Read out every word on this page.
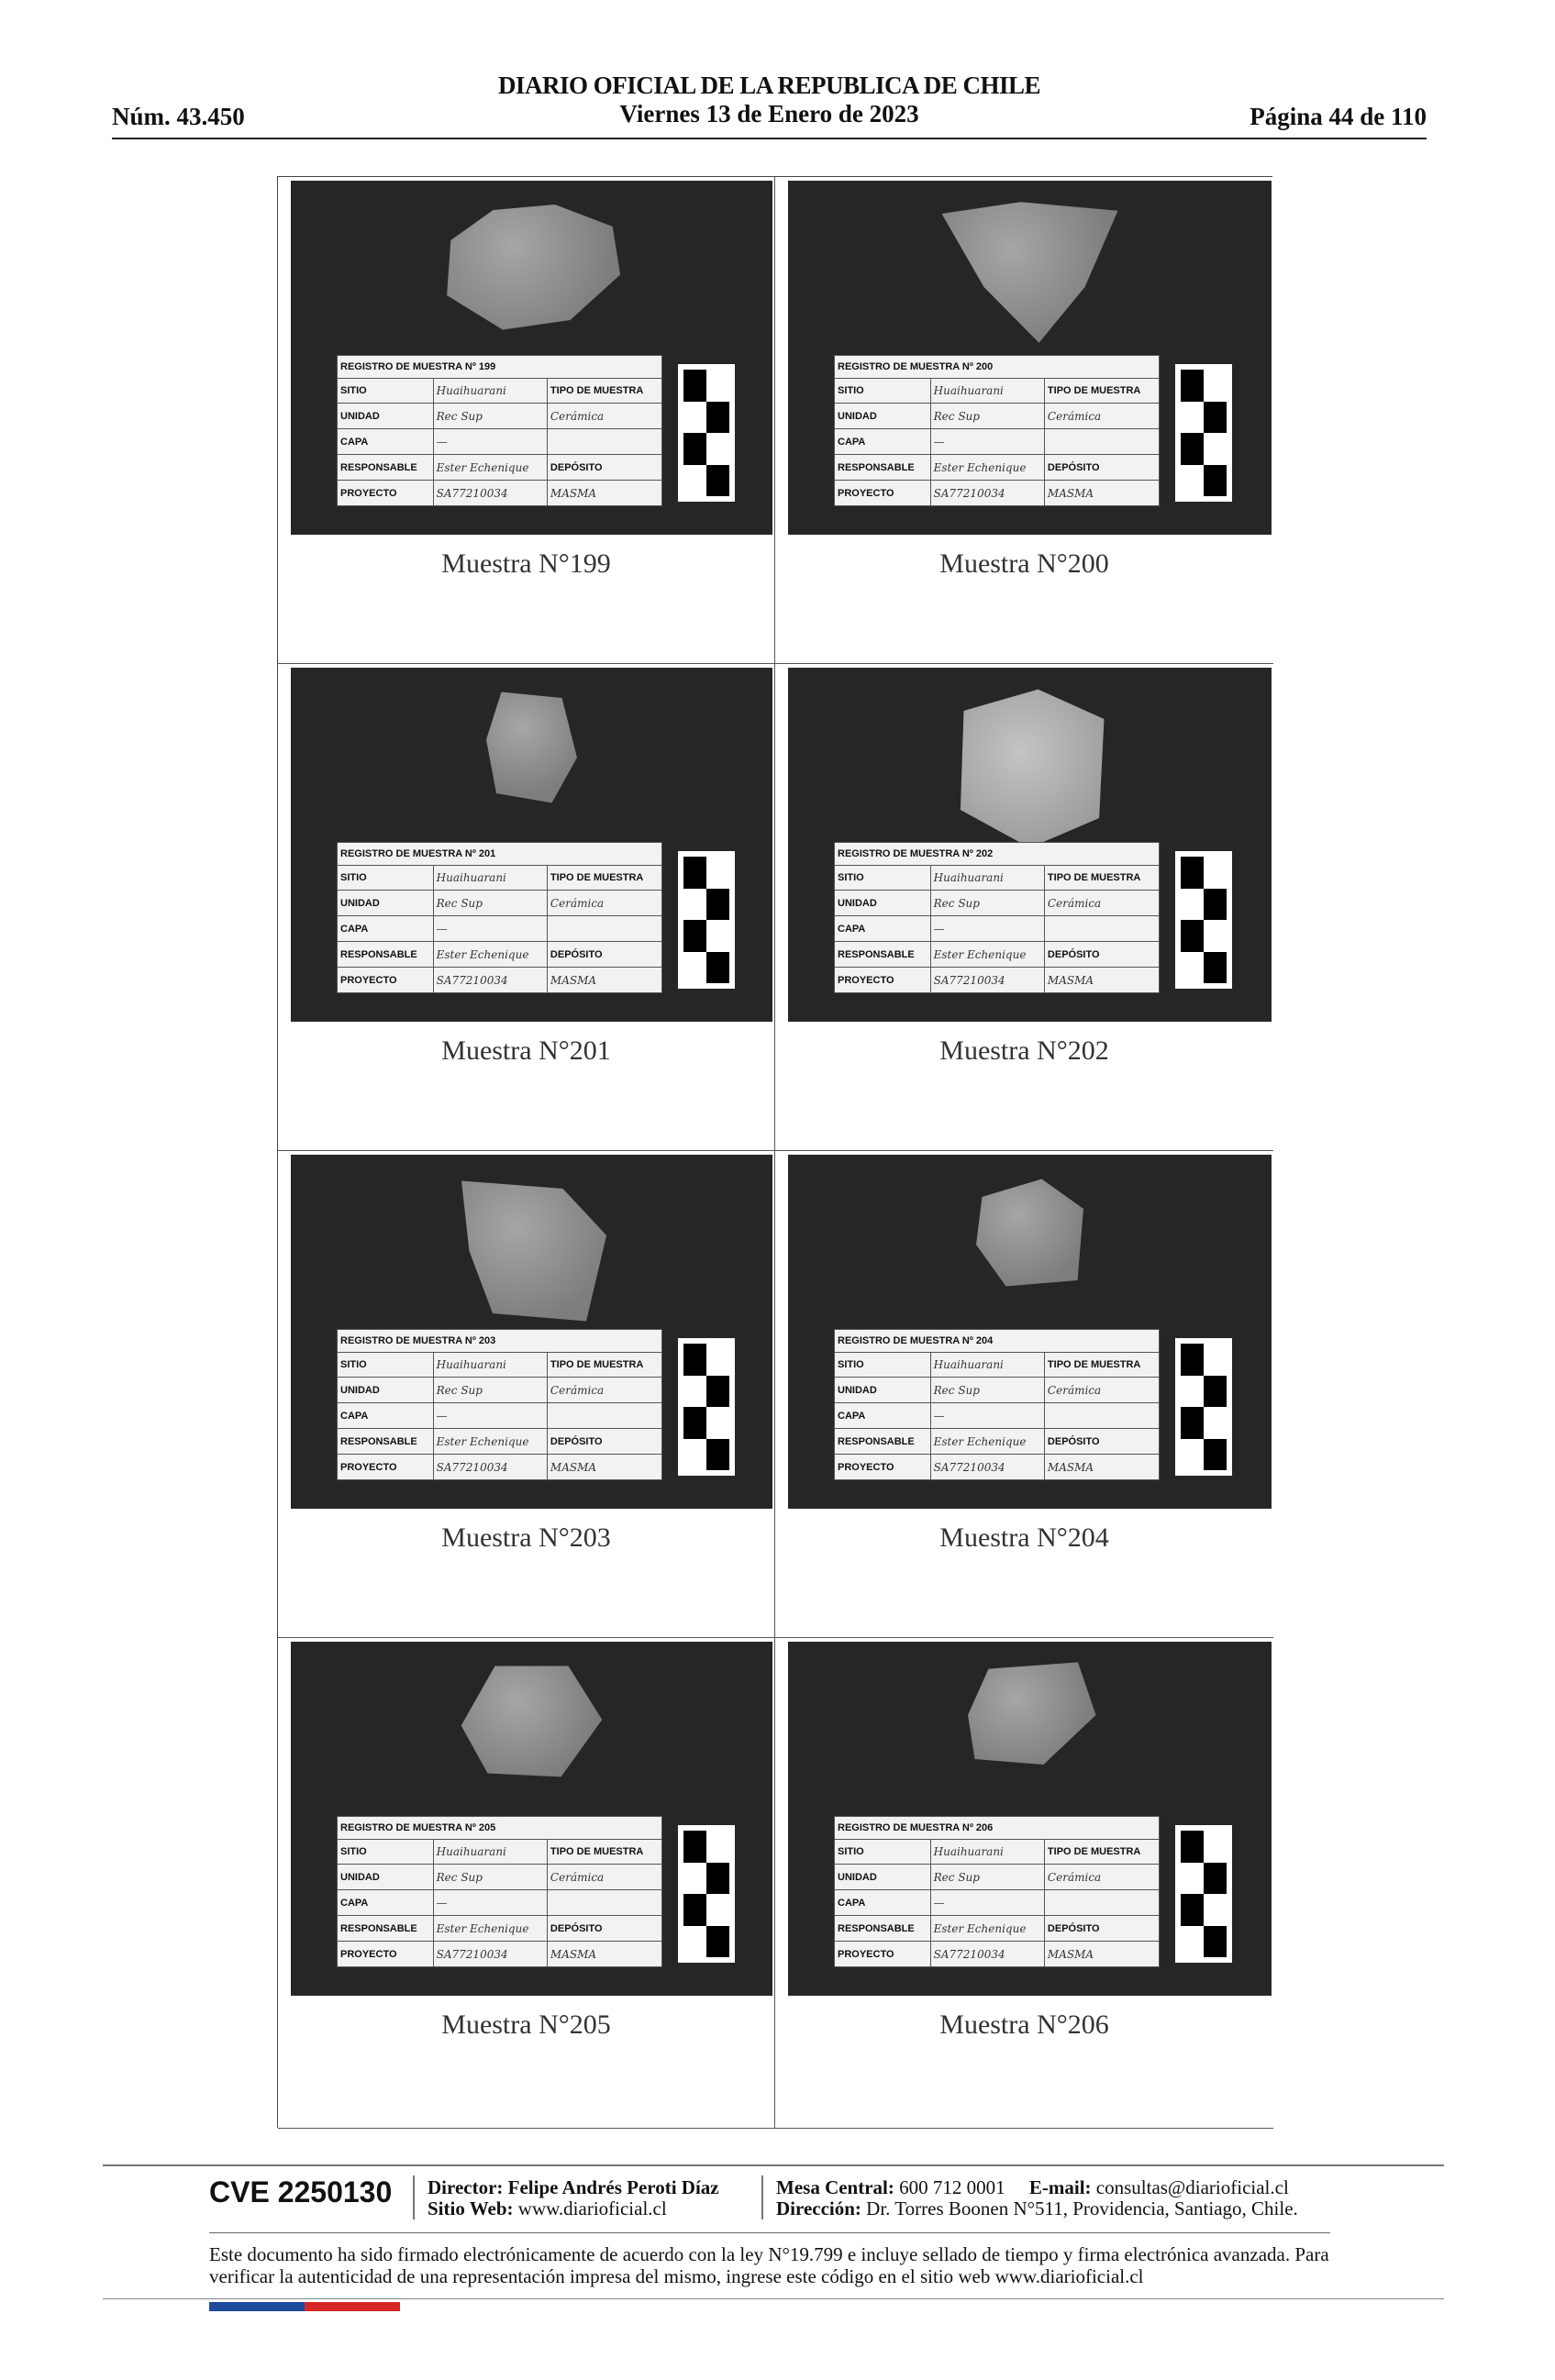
Núm. 43.450
DIARIO OFICIAL DE LA REPUBLICA DE CHILE
Viernes 13 de Enero de 2023	Página 44 de 110
REGISTRO DE MUESTRA Nº 199		
SITIO	Huaihuarani	TIPO DE MUESTRA
UNIDAD	Rec Sup	Cerámica
CAPA	—	
RESPONSABLE	Ester Echenique	DEPÓSITO
PROYECTO	SA77210034	MASMA
Muestra N°199
REGISTRO DE MUESTRA Nº 200		
SITIO	Huaihuarani	TIPO DE MUESTRA
UNIDAD	Rec Sup	Cerámica
CAPA	—	
RESPONSABLE	Ester Echenique	DEPÓSITO
PROYECTO	SA77210034	MASMA
Muestra N°200
REGISTRO DE MUESTRA Nº 201		
SITIO	Huaihuarani	TIPO DE MUESTRA
UNIDAD	Rec Sup	Cerámica
CAPA	—	
RESPONSABLE	Ester Echenique	DEPÓSITO
PROYECTO	SA77210034	MASMA
Muestra N°201
REGISTRO DE MUESTRA Nº 202		
SITIO	Huaihuarani	TIPO DE MUESTRA
UNIDAD	Rec Sup	Cerámica
CAPA	—	
RESPONSABLE	Ester Echenique	DEPÓSITO
PROYECTO	SA77210034	MASMA
Muestra N°202
REGISTRO DE MUESTRA Nº 203		
SITIO	Huaihuarani	TIPO DE MUESTRA
UNIDAD	Rec Sup	Cerámica
CAPA	—	
RESPONSABLE	Ester Echenique	DEPÓSITO
PROYECTO	SA77210034	MASMA
Muestra N°203
REGISTRO DE MUESTRA Nº 204		
SITIO	Huaihuarani	TIPO DE MUESTRA
UNIDAD	Rec Sup	Cerámica
CAPA	—	
RESPONSABLE	Ester Echenique	DEPÓSITO
PROYECTO	SA77210034	MASMA
Muestra N°204
REGISTRO DE MUESTRA Nº 205		
SITIO	Huaihuarani	TIPO DE MUESTRA
UNIDAD	Rec Sup	Cerámica
CAPA	—	
RESPONSABLE	Ester Echenique	DEPÓSITO
PROYECTO	SA77210034	MASMA
Muestra N°205
REGISTRO DE MUESTRA Nº 206		
SITIO	Huaihuarani	TIPO DE MUESTRA
UNIDAD	Rec Sup	Cerámica
CAPA	—	
RESPONSABLE	Ester Echenique	DEPÓSITO
PROYECTO	SA77210034	MASMA
Muestra N°206
CVE 2250130 Director: Felipe Andrés Peroti Díaz
Sitio Web: www.diarioficial.cl
Mesa Central: 600 712 0001 E-mail: consultas@diarioficial.cl
Dirección: Dr. Torres Boonen N°511, Providencia, Santiago, Chile.
Este documento ha sido firmado electrónicamente de acuerdo con la ley N°19.799 e incluye sellado de tiempo y firma electrónica avanzada. Para verificar la autenticidad de una representación impresa del mismo, ingrese este código en el sitio web www.diarioficial.cl
